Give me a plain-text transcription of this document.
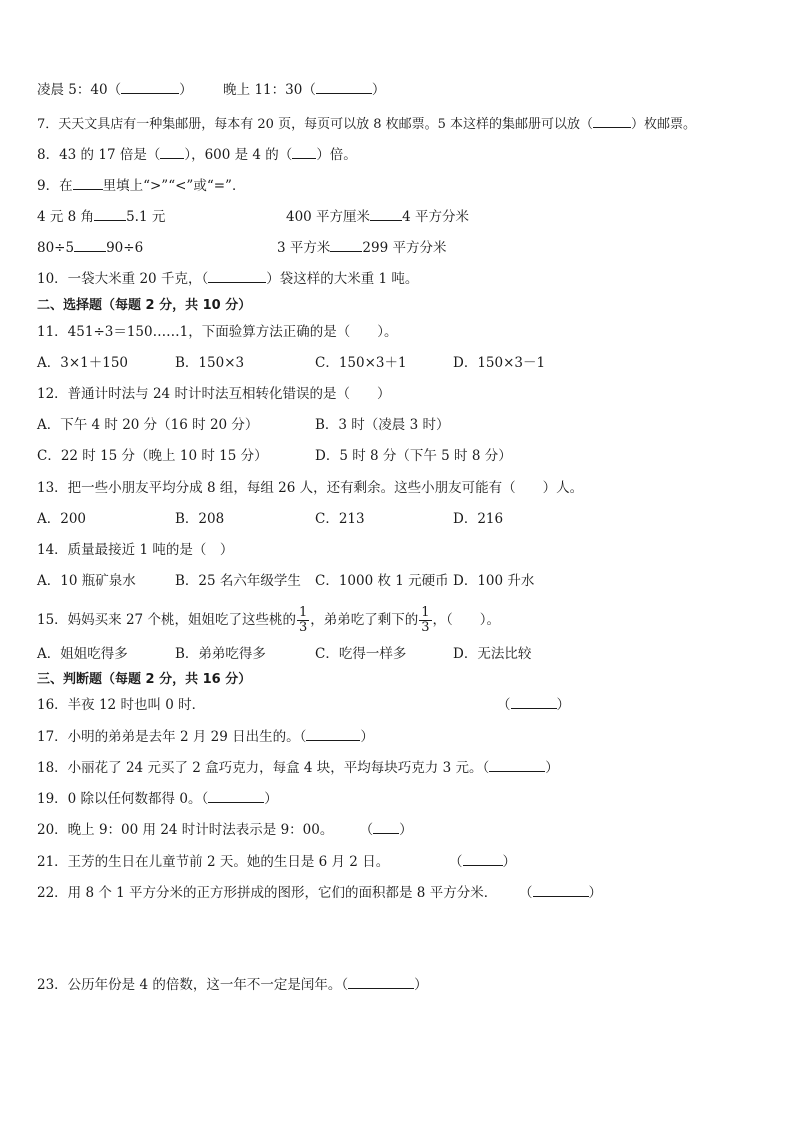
凌晨 5：40（	） 晚上 11：30（	）
7．天天文具店有一种集邮册，每本有 20 页，每页可以放 8 枚邮票。5 本这样的集邮册可以放（	）枚邮票。
8．43 的 17 倍是（ ），600 是 4 的（ ）倍。
9．在 里填上“>”“<”或“=”．
4 元 8 角 5.1 元	400 平方厘米 4 平方分米
80÷5 90÷6	3 平方米 299 平方分米
10．一袋大米重 20 千克，（	）袋这样的大米重 1 吨。
二、选择题（每题 2 分，共 10 分）
11．451÷3＝150……1，下面验算方法正确的是（　　）。
A．3×1＋150	B．150×3	C．150×3＋1	D．150×3－1
12．普通计时法与 24 时计时法互相转化错误的是（　　）
A．下午 4 时 20 分（16 时 20 分）	B．3 时（凌晨 3 时）
C．22 时 15 分（晚上 10 时 15 分）	D．5 时 8 分（下午 5 时 8 分）
13．把一些小朋友平均分成 8 组，每组 26 人，还有剩余。这些小朋友可能有（　　）人。
A．200	B．208	C．213	D．216
14．质量最接近 1 吨的是（　）
A．10 瓶矿泉水	B．25 名六年级学生 C．1000 枚 1 元硬币 D．100 升水
15．妈妈买来 27 个桃，姐姐吃了这些桃的 $\frac{1}{3}$ ，弟弟吃了剩下的 $\frac{1}{3}$ ，（　　）。
A．姐姐吃得多	B．弟弟吃得多	C．吃得一样多	D．无法比较
三、判断题（每题 2 分，共 16 分）
16．半夜 12 时也叫 0 时．	（	）
17．小明的弟弟是去年 2 月 29 日出生的。（	）
18．小丽花了 24 元买了 2 盒巧克力，每盒 4 块，平均每块巧克力 3 元。（	）
19．0 除以任何数都得 0。（	）
20．晚上 9：00 用 24 时计时法表示是 9：00。 （ ）
21．王芳的生日在儿童节前 2 天。她的生日是 6 月 2 日。	（	）
22．用 8 个 1 平方分米的正方形拼成的图形，它们的面积都是 8 平方分米． （	）
23．公历年份是 4 的倍数，这一年不一定是闰年。（	）
